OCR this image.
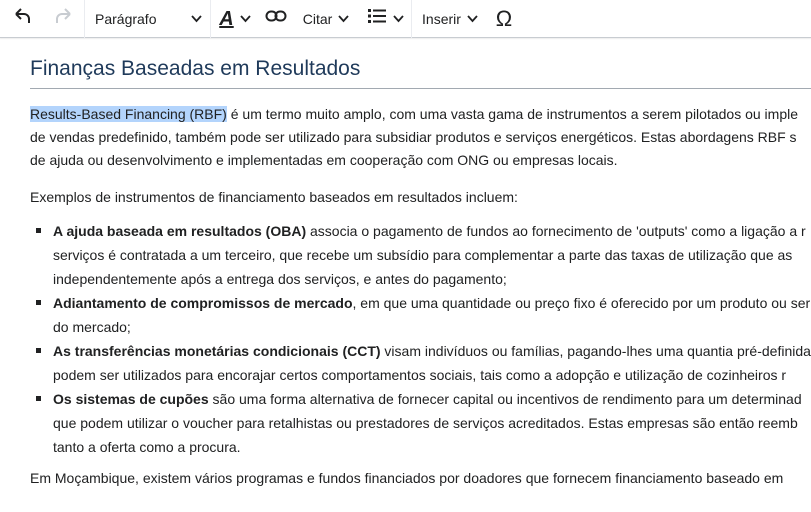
Parágrafo	A	Citar	Inserir Ω
Finanças Baseadas em Resultados

Results-Based Financing (RBF) é um termo muito amplo, com uma vasta gama de instrumentos a serem pilotados ou imple
de vendas predefinido, também pode ser utilizado para subsidiar produtos e serviços energéticos. Estas abordagens RBF s
de ajuda ou desenvolvimento e implementadas em cooperação com ONG ou empresas locais.

Exemplos de instrumentos de financiamento baseados em resultados incluem:

A ajuda baseada em resultados (OBA) associa o pagamento de fundos ao fornecimento de 'outputs' como a ligação a r
serviços é contratada a um terceiro, que recebe um subsídio para complementar a parte das taxas de utilização que as
independentemente após a entrega dos serviços, e antes do pagamento;
Adiantamento de compromissos de mercado, em que uma quantidade ou preço fixo é oferecido por um produto ou ser
do mercado;
As transferências monetárias condicionais (CCT) visam indivíduos ou famílias, pagando-lhes uma quantia pré-definida
podem ser utilizados para encorajar certos comportamentos sociais, tais como a adopção e utilização de cozinheiros r
Os sistemas de cupões são uma forma alternativa de fornecer capital ou incentivos de rendimento para um determinad
que podem utilizar o voucher para retalhistas ou prestadores de serviços acreditados. Estas empresas são então reemb
tanto a oferta como a procura.

Em Moçambique, existem vários programas e fundos financiados por doadores que fornecem financiamento baseado em
